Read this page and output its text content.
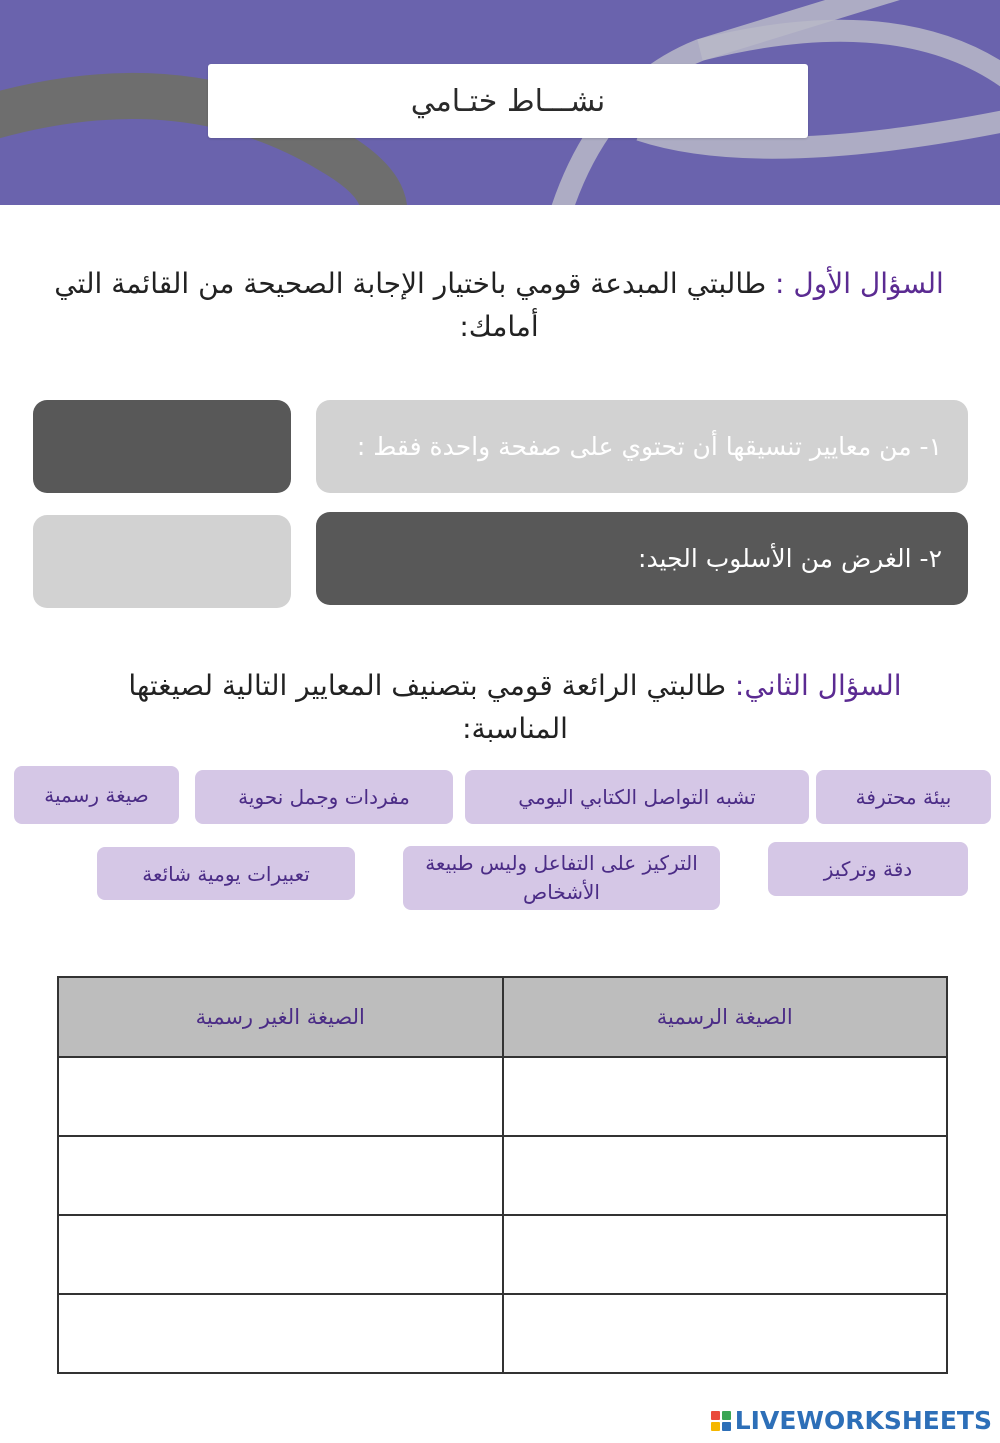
نشـــاط ختـامي
السؤال الأول : طالبتي المبدعة قومي باختيار الإجابة الصحيحة من القائمة التي أمامك:
١- من معايير تنسيقها أن تحتوي على صفحة واحدة فقط :
٢- الغرض من الأسلوب الجيد:
السؤال الثاني: طالبتي الرائعة قومي بتصنيف المعايير التالية لصيغتها المناسبة:
بيئة محترفة
تشبه التواصل الكتابي اليومي
مفردات وجمل نحوية
صيغة رسمية
دقة وتركيز
التركيز على التفاعل وليس طبيعة الأشخاص
تعبيرات يومية شائعة
الصيغة الرسمية	الصيغة الغير رسمية

LIVEWORKSHEETS
